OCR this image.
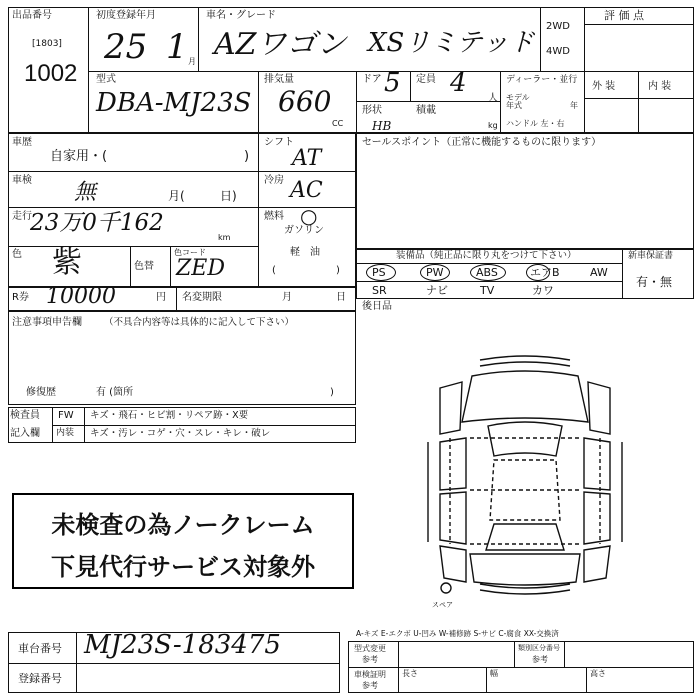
出品番号
[1803]
1002
初度登録年月
25 1 月
車名・グレード
AZワゴン XSリミテッド
2WD
4WD
評 価 点
外 装	内 装
型式
DBA-MJ23S
排気量
660
CC
ドア 5 定員 4
人
ディーラー・並行
モデル 年式	年
ハンドル 左・右
形状
HB
積載
kg
車歴
自家用・(	)
シフト
AT
車検 無	月(	日)
冷房 AC
走行
23万0千162
km
燃料
ガソリン
軽　油
(	)
○
色 紫	色替
色コード
ZED
R券 10000	円 名変期限	月	日
注意事項申告欄 （不具合内容等は具体的に記入して下さい）
修復歴	有 (箇所	)
検査員
記入欄
FW キズ・飛石・ヒビ割・リペア跡・X要
内装 キズ・汚レ・コゲ・穴・スレ・キレ・破レ
未検査の為ノークレーム
下見代行サービス対象外
セールスポイント（正常に機能するものに限ります）
装備品（純正品に限り丸をつけて下さい）	新車保証書
有・無
PS	PW	ABS	エアB	AW
SR	ナビ	TV	カワ
後日品
スペア
A-キズ E-エクボ U-凹み W-補修跡 S-サビ C-腐食 XX-交換済
型式変更
参考
類別区分番号
参考
車検証明
参考
長さ	幅	高さ
車台番号 MJ23S-183475
登録番号
